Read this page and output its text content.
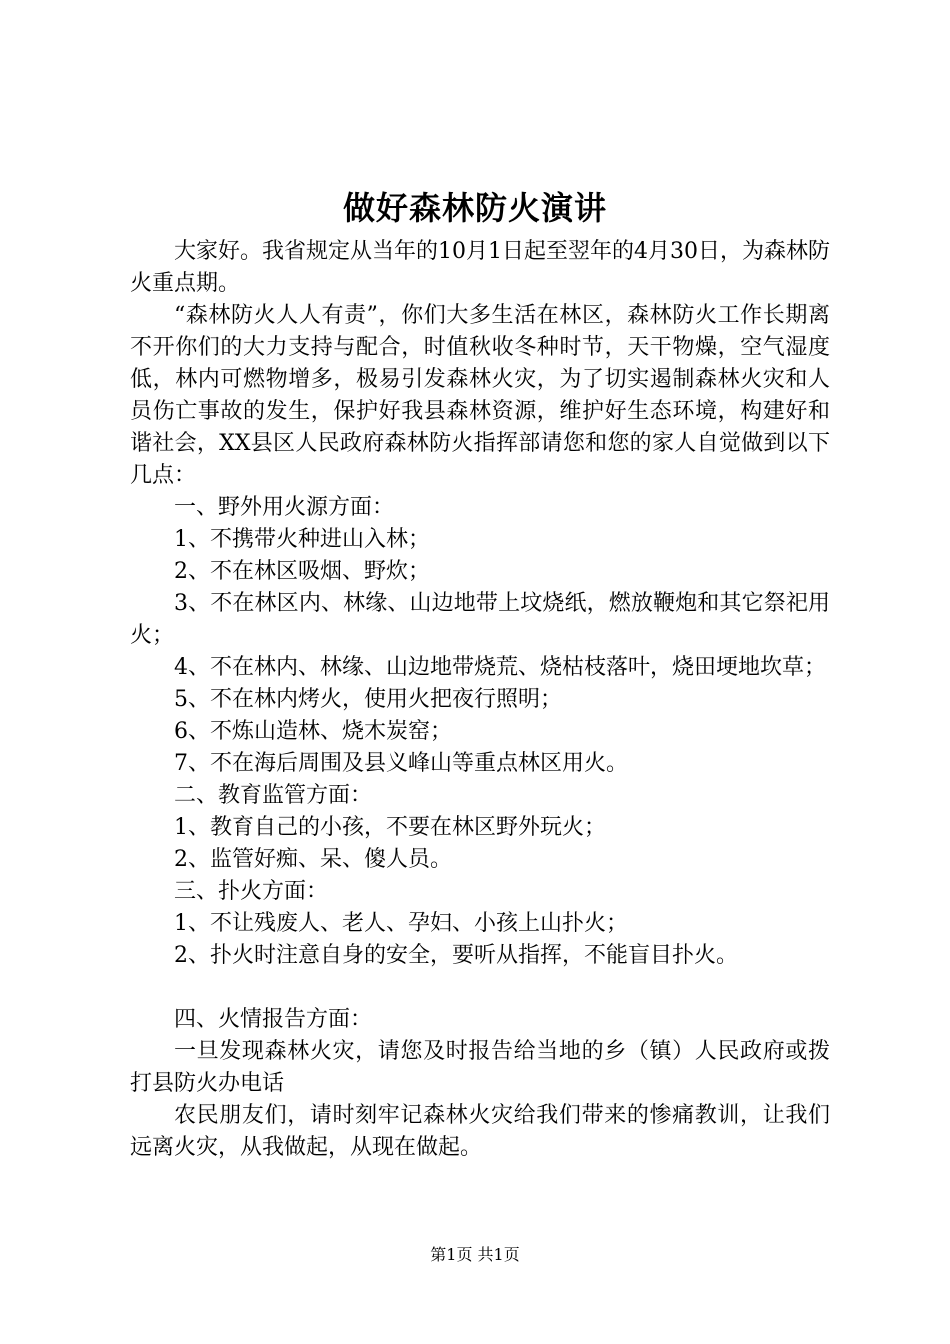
做好森林防火演讲

大家好。我省规定从当年的10月1日起至翌年的4月30日，为森林防火重点期。

“森林防火人人有责”，你们大多生活在林区，森林防火工作长期离不开你们的大力支持与配合，时值秋收冬种时节，天干物燥，空气湿度低，林内可燃物增多，极易引发森林火灾，为了切实遏制森林火灾和人员伤亡事故的发生，保护好我县森林资源，维护好生态环境，构建好和谐社会，XX县区人民政府森林防火指挥部请您和您的家人自觉做到以下几点：

一、野外用火源方面：

1、不携带火种进山入林；

2、不在林区吸烟、野炊；

3、不在林区内、林缘、山边地带上坟烧纸，燃放鞭炮和其它祭祀用火；

4、不在林内、林缘、山边地带烧荒、烧枯枝落叶，烧田埂地坎草；

5、不在林内烤火，使用火把夜行照明；

6、不炼山造林、烧木炭窑；

7、不在海后周围及县义峰山等重点林区用火。

二、教育监管方面：

1、教育自己的小孩，不要在林区野外玩火；

2、监管好痴、呆、傻人员。

三、扑火方面：

1、不让残废人、老人、孕妇、小孩上山扑火；

2、扑火时注意自身的安全，要听从指挥，不能盲目扑火。

四、火情报告方面：

一旦发现森林火灾，请您及时报告给当地的乡（镇）人民政府或拨打县防火办电话

农民朋友们，请时刻牢记森林火灾给我们带来的惨痛教训，让我们远离火灾，从我做起，从现在做起。

第1页 共1页
